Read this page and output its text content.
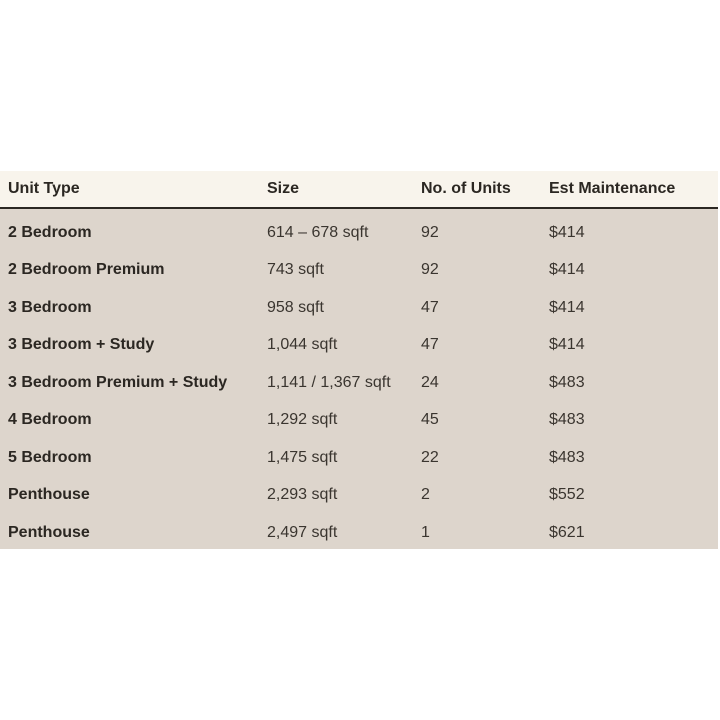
Unit Type	Size	No. of Units	Est Maintenance
2 Bedroom	614 – 678 sqft	92	$414
2 Bedroom Premium	743 sqft	92	$414
3 Bedroom	958 sqft	47	$414
3 Bedroom + Study	1,044 sqft	47	$414
3 Bedroom Premium + Study	1,141 / 1,367 sqft	24	$483
4 Bedroom	1,292 sqft	45	$483
5 Bedroom	1,475 sqft	22	$483
Penthouse	2,293 sqft	2	$552
Penthouse	2,497 sqft	1	$621
